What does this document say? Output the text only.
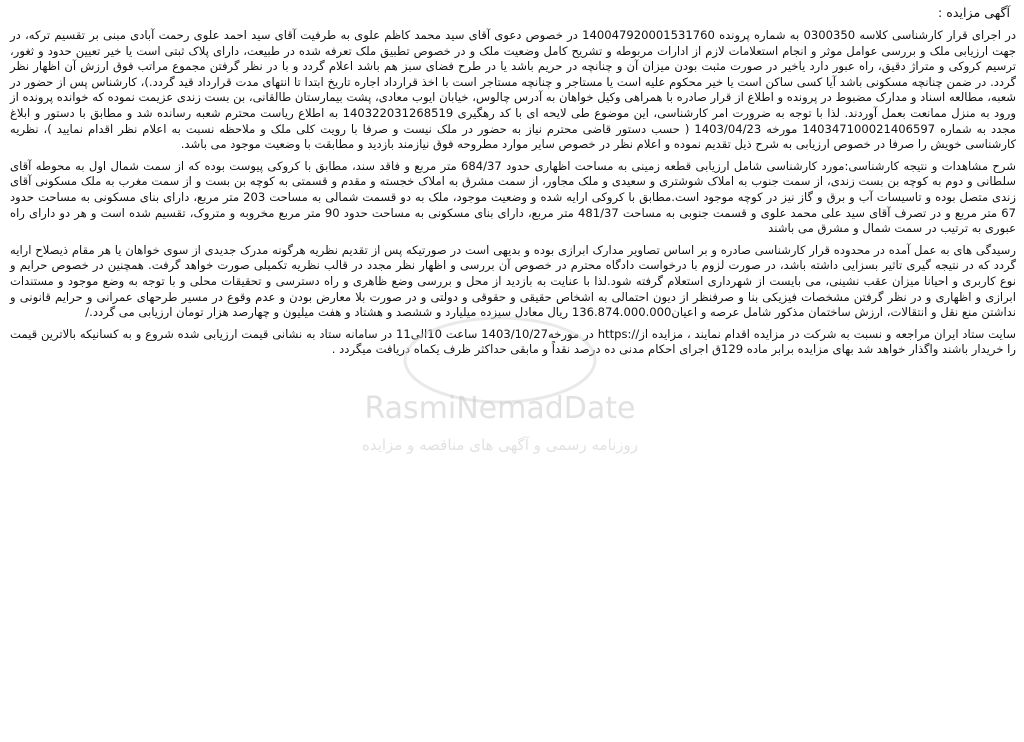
آگهی مزایده :

در اجرای قرار کارشناسی کلاسه 0300350 به شماره پرونده 140047920001531760 در خصوص دعوی آقای سید محمد کاظم علوی به طرفیت آقای سید احمد علوی رحمت آبادی مبنی بر تقسیم ترکه، در جهت ارزیابی ملک و بررسی عوامل موثر و انجام استعلامات لازم از ادارات مربوطه و تشریح کامل وضعیت ملک و در خصوص تطبیق ملک تعرفه شده در طبیعت، دارای پلاک ثبتی است یا خیر تعیین حدود و ثغور، ترسیم کروکی و متراژ دقیق، راه عبور دارد یاخیر در صورت مثبت بودن میزان آن و چنانچه در حریم باشد یا در طرح فضای سبز هم باشد اعلام گردد و با در نظر گرفتن مجموع مراتب فوق ارزش آن اظهار نظر گردد. در ضمن چنانچه مسکونی باشد آیا کسی ساکن است یا خیر محکوم علیه است یا مستاجر و چنانچه مستاجر است با اخذ قرارداد اجاره تاریخ ابتدا تا انتهای مدت قرارداد قید گردد.)، کارشناس پس از حضور در شعبه، مطالعه اسناد و مدارک مضبوط در پرونده و اطلاع از قرار صادره با همراهی وکیل خواهان به آدرس چالوس، خیابان ایوب معادی، پشت بیمارستان طالقانی، بن بست زندی عزیمت نموده که خوانده پرونده از ورود به منزل ممانعت بعمل آوردند. لذا با توجه به ضرورت امر کارشناسی، این موضوع طی لایحه ای با کد رهگیری 140322031268519 به اطلاع ریاست محترم شعبه رسانده شد و مطابق با دستور و ابلاغ مجدد به شماره 140347100021406597 مورخه 1403/04/23 ( حسب دستور قاضی محترم نیاز به حضور در ملک نیست و صرفا با رویت کلی ملک و ملاحظه نسبت به اعلام نظر اقدام نمایید )، نظریه کارشناسی خویش را صرفا در خصوص ارزیابی به شرح ذیل تقدیم نموده و اعلام نظر در خصوص سایر موارد مطروحه فوق نیازمند بازدید و مطابقت با وضعیت موجود می باشد.

شرح مشاهدات و نتیجه کارشناسی:مورد کارشناسی شامل ارزیابی قطعه زمینی به مساحت اظهاری حدود 684/37 متر مربع و فاقد سند، مطابق با کروکی پیوست بوده که از سمت شمال اول به محوطه آقای سلطانی و دوم به کوچه بن بست زندی، از سمت جنوب به املاک شوشتری و سعیدی و ملک مجاور، از سمت مشرق به املاک خجسته و مقدم و قسمتی به کوچه بن بست و از سمت مغرب به ملک مسکونی آقای زندی متصل بوده و تاسیسات آب و برق و گاز نیز در کوچه موجود است.مطابق با کروکی ارایه شده و وضعیت موجود، ملک به دو قسمت شمالی به مساحت 203 متر مربع، دارای بنای مسکونی به مساحت حدود 67 متر مربع و در تصرف آقای سید علی محمد علوی و قسمت جنوبی به مساحت 481/37 متر مربع، دارای بنای مسکونی به مساحت حدود 90 متر مربع مخروبه و متروک، تقسیم شده است و هر دو دارای راه عبوری به ترتیب در سمت شمال و مشرق می باشند

رسیدگی های به عمل آمده در محدوده قرار کارشناسی صادره و بر اساس تصاویر مدارک ابرازی بوده و بدیهی است در صورتیکه پس از تقدیم نظریه هرگونه مدرک جدیدی از سوی خواهان یا هر مقام ذیصلاح ارایه گردد که در نتیجه گیری تاثیر بسزایی داشته باشد، در صورت لزوم با درخواست دادگاه محترم در خصوص آن بررسی و اظهار نظر مجدد در قالب نظریه تکمیلی صورت خواهد گرفت. همچنین در خصوص حرایم و نوع کاربری و احیانا میزان عقب نشینی، می بایست از شهرداری استعلام گرفته شود.لذا با عنایت به بازدید از محل و بررسی وضع ظاهری و راه دسترسی و تحقیقات محلی و با توجه به وضع موجود و مستندات ابرازی و اظهاری و در نظر گرفتن مشخصات فیزیکی بنا و صرفنظر از دیون احتمالی به اشخاص حقیقی و حقوقی و دولتی و در صورت بلا معارض بودن و عدم وقوع در مسیر طرحهای عمرانی و حرایم قانونی و نداشتن منع نقل و انتقالات، ارزش ساختمان مذکور شامل عرصه و اعیان136.874.000.000 ریال معادل سیزده میلیارد و ششصد و هشتاد و هفت میلیون و چهارصد هزار تومان ارزیابی می گردد./

سایت ستاد ایران مراجعه و نسبت به شرکت در مزایده اقدام نمایند ، مزایده از//:https در مورخه1403/10/27 ساعت 10الی11 در سامانه ستاد به نشانی قیمت ارزیابی شده شروع و به کسانیکه بالاترین قیمت را خریدار باشند واگذار خواهد شد بهای مزایده برابر ماده 129ق اجرای احکام مدنی ده درصد نقداً و مابقی حداکثر ظرف یکماه دریافت میگردد .

RasmiNemadDate
روزنامه رسمی و آگهی های مناقصه و مزایده
